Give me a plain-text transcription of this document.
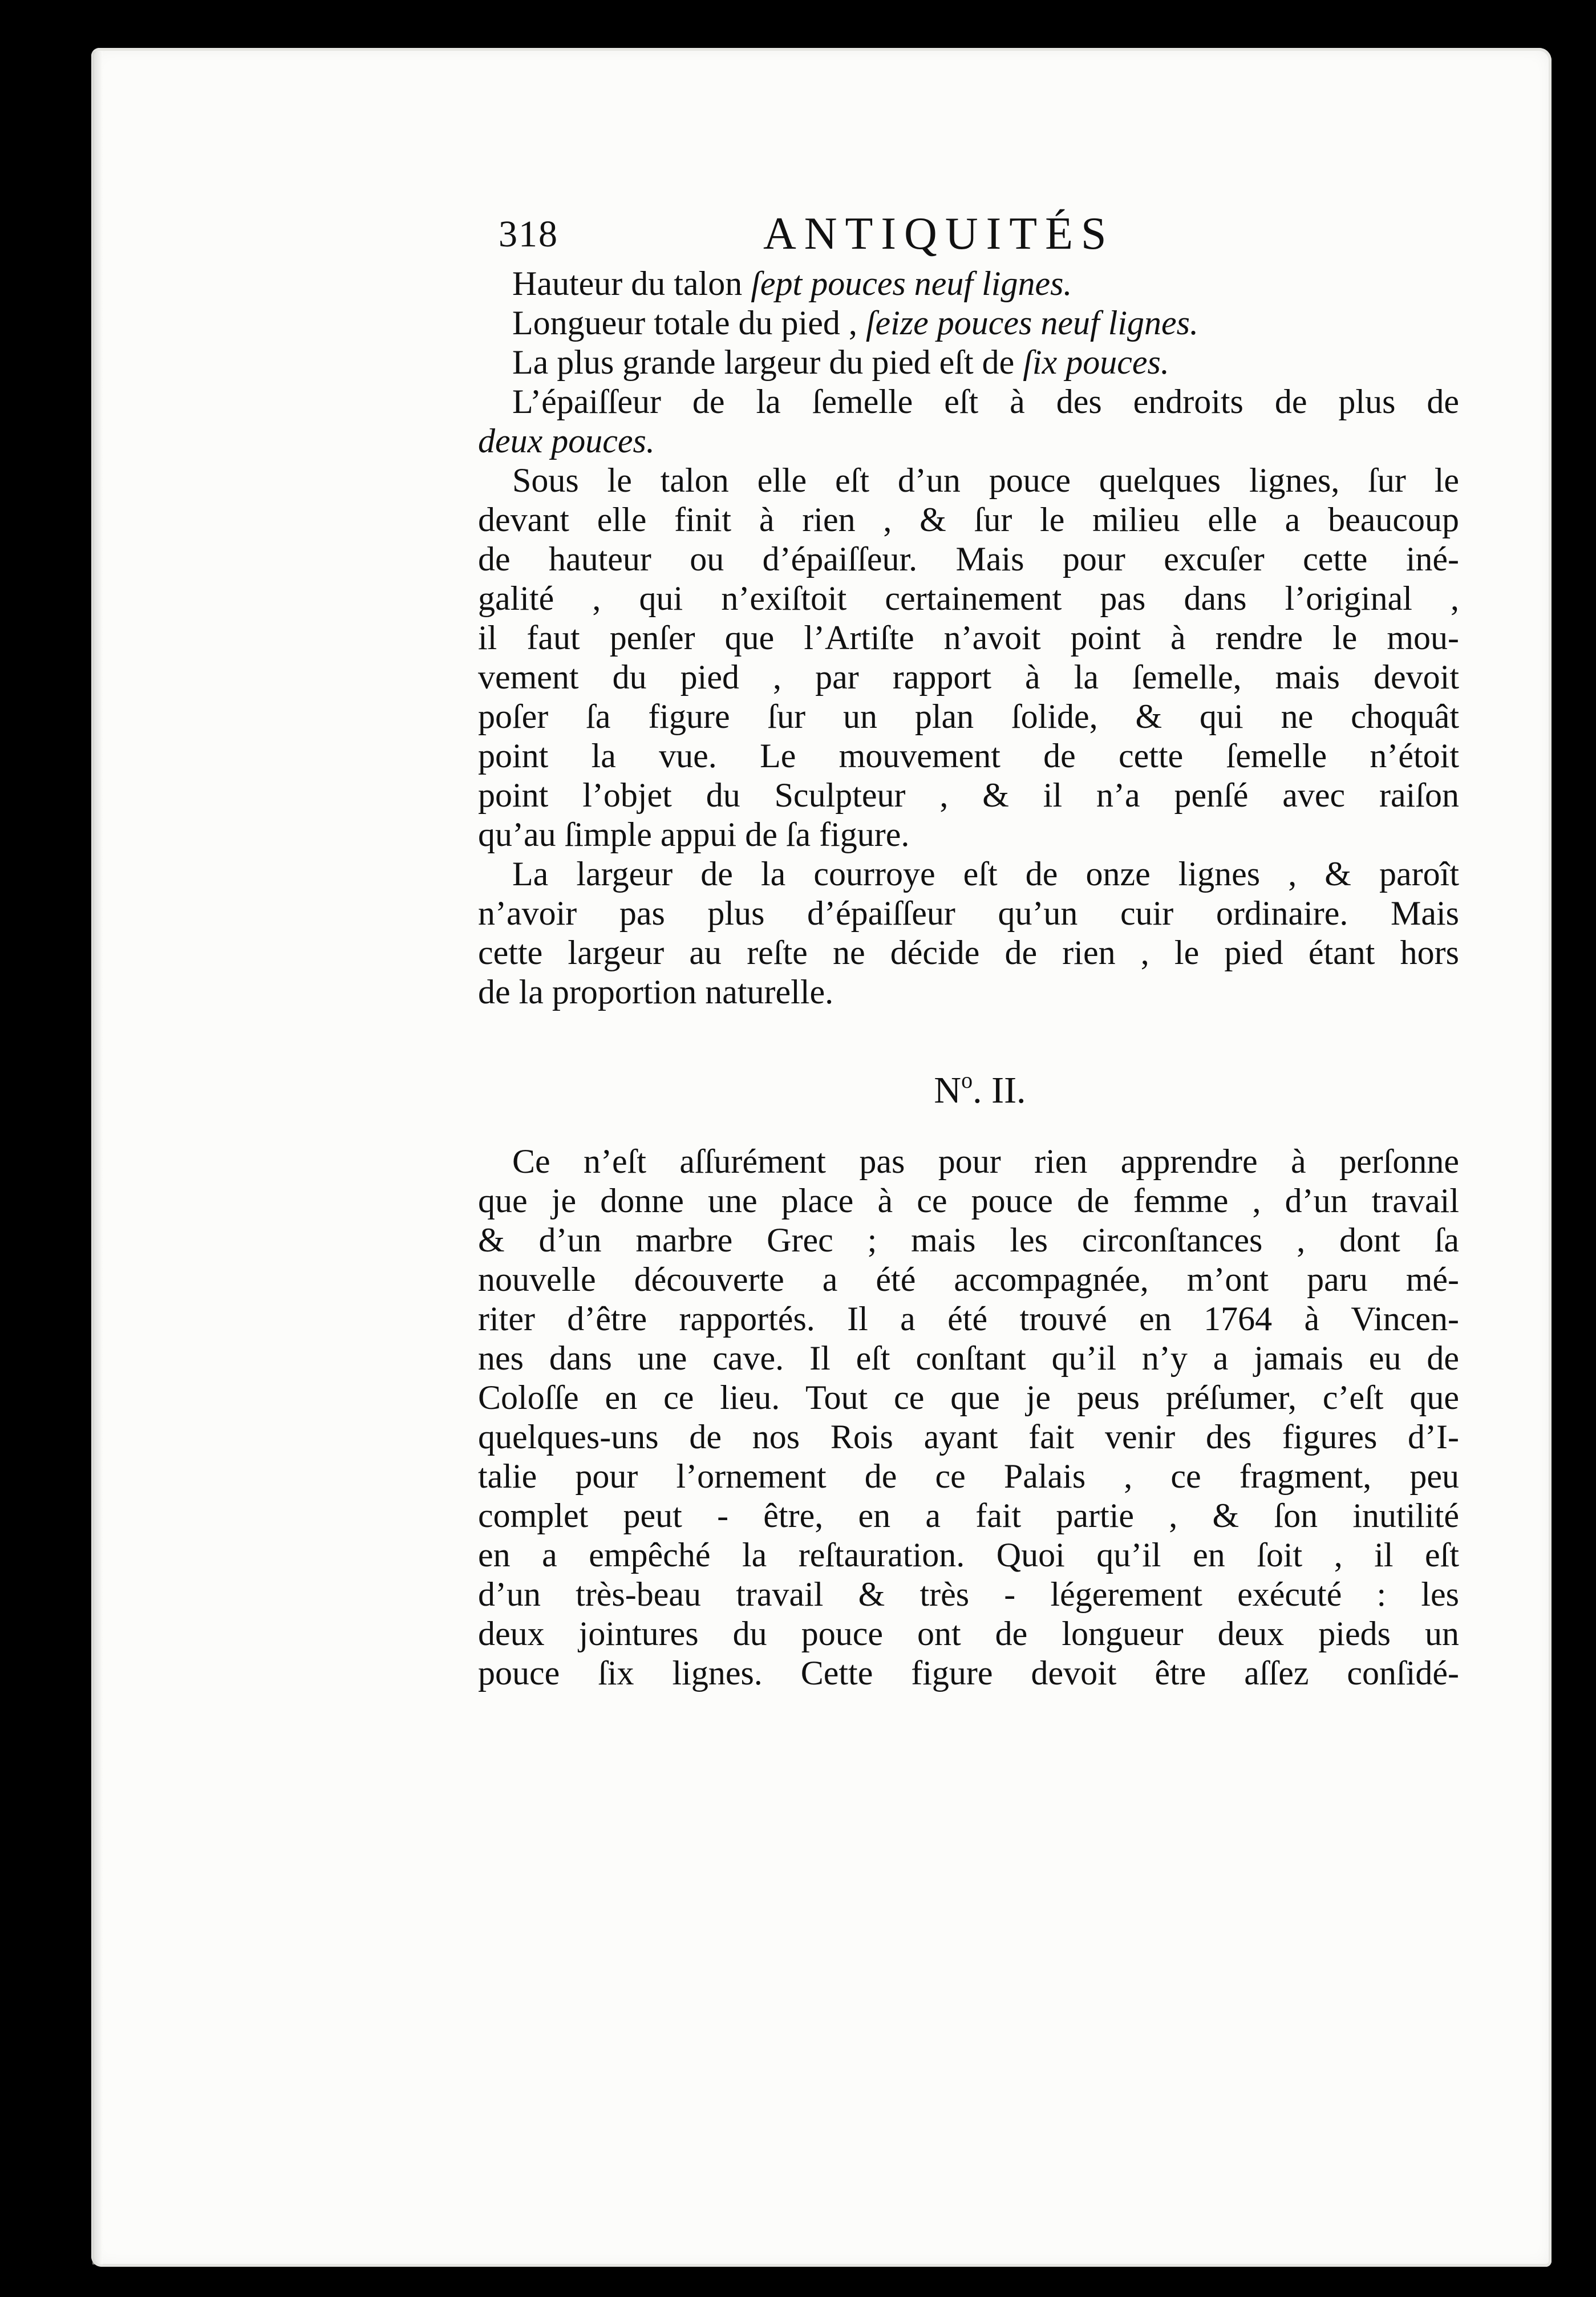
318	ANTIQUITÉS
Hauteur du talon ſept pouces neuf lignes.
Longueur totale du pied , ſeize pouces neuf lignes.
La plus grande largeur du pied eſt de ſix pouces.
L’épaiſſeur de la ſemelle eſt à des endroits de plus de
deux pouces.
Sous le talon elle eſt d’un pouce quelques lignes, ſur le
devant elle finit à rien , & ſur le milieu elle a beaucoup
de hauteur ou d’épaiſſeur. Mais pour excuſer cette iné-
galité , qui n’exiſtoit certainement pas dans l’original ,
il faut penſer que l’Artiſte n’avoit point à rendre le mou-
vement du pied , par rapport à la ſemelle, mais devoit
poſer ſa figure ſur un plan ſolide, & qui ne choquât
point la vue. Le mouvement de cette ſemelle n’étoit
point l’objet du Sculpteur , & il n’a penſé avec raiſon
qu’au ſimple appui de ſa figure.
La largeur de la courroye eſt de onze lignes , & paroît
n’avoir pas plus d’épaiſſeur qu’un cuir ordinaire. Mais
cette largeur au reſte ne décide de rien , le pied étant hors
de la proportion naturelle.
$N^o$. II.
Ce n’eſt aſſurément pas pour rien apprendre à perſonne
que je donne une place à ce pouce de femme , d’un travail
& d’un marbre Grec ; mais les circonſtances , dont ſa
nouvelle découverte a été accompagnée, m’ont paru mé-
riter d’être rapportés. Il a été trouvé en 1764 à Vincen-
nes dans une cave. Il eſt conſtant qu’il n’y a jamais eu de
Coloſſe en ce lieu. Tout ce que je peus préſumer, c’eſt que
quelques-uns de nos Rois ayant fait venir des figures d’I-
talie pour l’ornement de ce Palais , ce fragment, peu
complet peut - être, en a fait partie , & ſon inutilité
en a empêché la reſtauration. Quoi qu’il en ſoit , il eſt
d’un très-beau travail & très - légerement exécuté : les
deux jointures du pouce ont de longueur deux pieds un
pouce ſix lignes. Cette figure devoit être aſſez conſidé-
